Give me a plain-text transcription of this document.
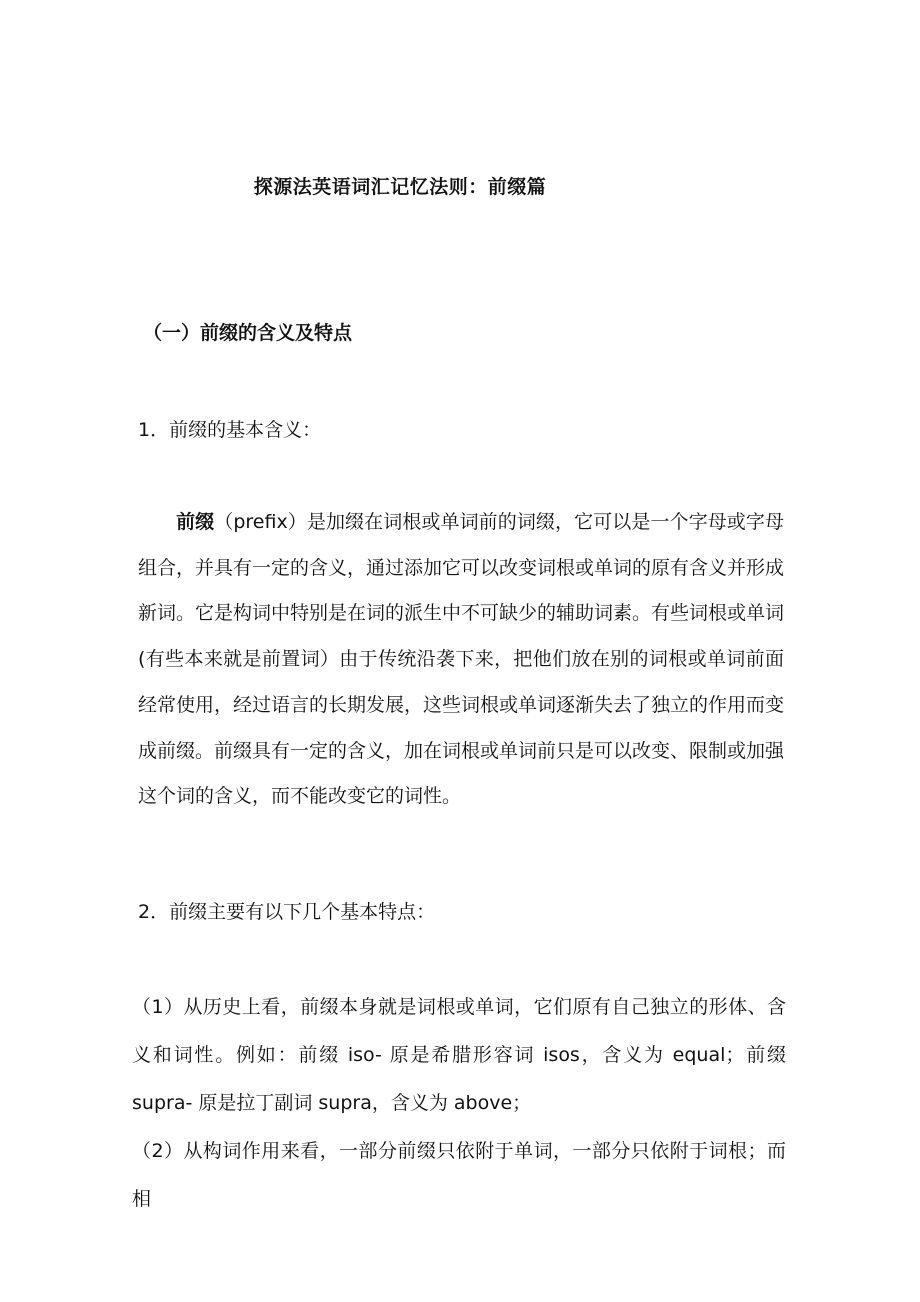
探源法英语词汇记忆法则：前缀篇
（一）前缀的含义及特点
1．前缀的基本含义：
前缀（prefix）是加缀在词根或单词前的词缀，它可以是一个字母或字母组合，并具有一定的含义，通过添加它可以改变词根或单词的原有含义并形成新词。它是构词中特别是在词的派生中不可缺少的辅助词素。有些词根或单词(有些本来就是前置词）由于传统沿袭下来，把他们放在别的词根或单词前面经常使用，经过语言的长期发展，这些词根或单词逐渐失去了独立的作用而变成前缀。前缀具有一定的含义，加在词根或单词前只是可以改变、限制或加强这个词的含义，而不能改变它的词性。
2．前缀主要有以下几个基本特点：
（1）从历史上看，前缀本身就是词根或单词，它们原有自己独立的形体、含义和词性。例如：前缀 iso- 原是希腊形容词 isos，含义为 equal；前缀 supra- 原是拉丁副词 supra，含义为 above；
（2）从构词作用来看，一部分前缀只依附于单词，一部分只依附于词根；而相
